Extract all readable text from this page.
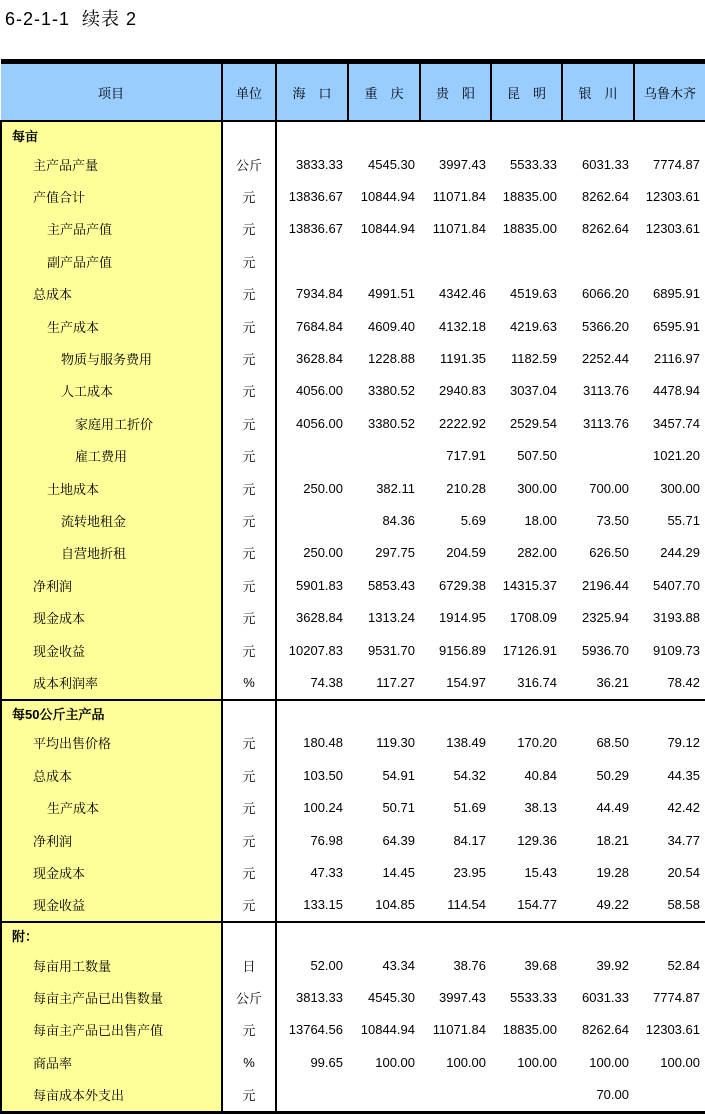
6-2-1-1  续表 2
项目	单位	海　口	重　庆	贵　阳	昆　明	银　川	乌鲁木齐
每亩							
主产品产量	公斤	3833.33	4545.30	3997.43	5533.33	6031.33	7774.87
产值合计	元	13836.67	10844.94	11071.84	18835.00	8262.64	12303.61
主产品产值	元	13836.67	10844.94	11071.84	18835.00	8262.64	12303.61
副产品产值	元						
总成本	元	7934.84	4991.51	4342.46	4519.63	6066.20	6895.91
生产成本	元	7684.84	4609.40	4132.18	4219.63	5366.20	6595.91
物质与服务费用	元	3628.84	1228.88	1191.35	1182.59	2252.44	2116.97
人工成本	元	4056.00	3380.52	2940.83	3037.04	3113.76	4478.94
家庭用工折价	元	4056.00	3380.52	2222.92	2529.54	3113.76	3457.74
雇工费用	元			717.91	507.50		1021.20
土地成本	元	250.00	382.11	210.28	300.00	700.00	300.00
流转地租金	元		84.36	5.69	18.00	73.50	55.71
自营地折租	元	250.00	297.75	204.59	282.00	626.50	244.29
净利润	元	5901.83	5853.43	6729.38	14315.37	2196.44	5407.70
现金成本	元	3628.84	1313.24	1914.95	1708.09	2325.94	3193.88
现金收益	元	10207.83	9531.70	9156.89	17126.91	5936.70	9109.73
成本利润率	%	74.38	117.27	154.97	316.74	36.21	78.42
每50公斤主产品							
平均出售价格	元	180.48	119.30	138.49	170.20	68.50	79.12
总成本	元	103.50	54.91	54.32	40.84	50.29	44.35
生产成本	元	100.24	50.71	51.69	38.13	44.49	42.42
净利润	元	76.98	64.39	84.17	129.36	18.21	34.77
现金成本	元	47.33	14.45	23.95	15.43	19.28	20.54
现金收益	元	133.15	104.85	114.54	154.77	49.22	58.58
附：							
每亩用工数量	日	52.00	43.34	38.76	39.68	39.92	52.84
每亩主产品已出售数量	公斤	3813.33	4545.30	3997.43	5533.33	6031.33	7774.87
每亩主产品已出售产值	元	13764.56	10844.94	11071.84	18835.00	8262.64	12303.61
商品率	%	99.65	100.00	100.00	100.00	100.00	100.00
每亩成本外支出	元					70.00	
